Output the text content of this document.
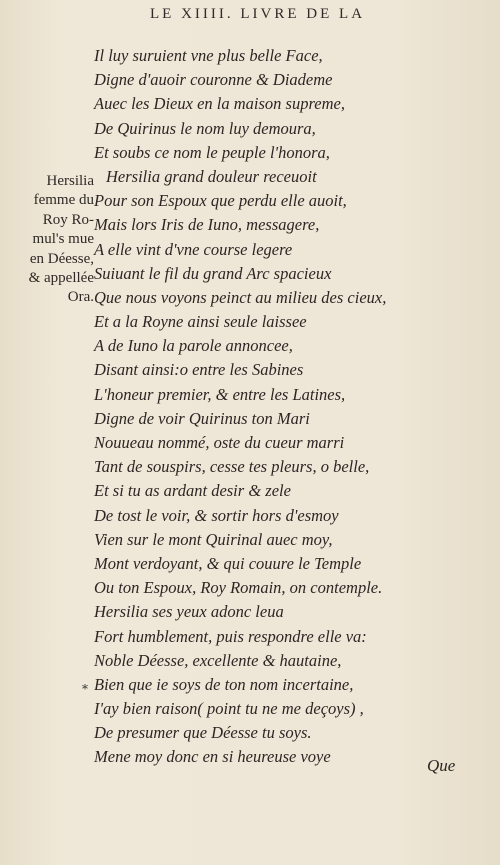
LE XIIII. LIVRE DE LA
Hersilia
femme du
Roy Ro-
mul's mue
en Déesse,
& appellée
Ora.
Il luy suruient vne plus belle Face,
Digne d'auoir couronne & Diademe
Auec les Dieux en la maison supreme,
De Quirinus le nom luy demoura,
Et soubs ce nom le peuple l'honora,
Hersilia grand douleur receuoit
Pour son Espoux que perdu elle auoit,
Mais lors Iris de Iuno, messagere,
A elle vint d'vne course legere
Suiuant le fil du grand Arc spacieux
Que nous voyons peinct au milieu des cieux,
Et a la Royne ainsi seule laissee
A de Iuno la parole annoncee,
Disant ainsi:o entre les Sabines
L'honeur premier, & entre les Latines,
Digne de voir Quirinus ton Mari
Nouueau nommé, oste du cueur marri
Tant de souspirs, cesse tes pleurs, o belle,
Et si tu as ardant desir & zele
De tost le voir, & sortir hors d'esmoy
Vien sur le mont Quirinal auec moy,
Mont verdoyant, & qui couure le Temple
Ou ton Espoux, Roy Romain, on contemple.
Hersilia ses yeux adonc leua
Fort humblement, puis respondre elle va:
Noble Déesse, excellente & hautaine,
Bien que ie soys de ton nom incertaine,
I'ay bien raison( point tu ne me deçoys) ,
De presumer que Déesse tu soys.
Mene moy donc en si heureuse voye
*
Que
